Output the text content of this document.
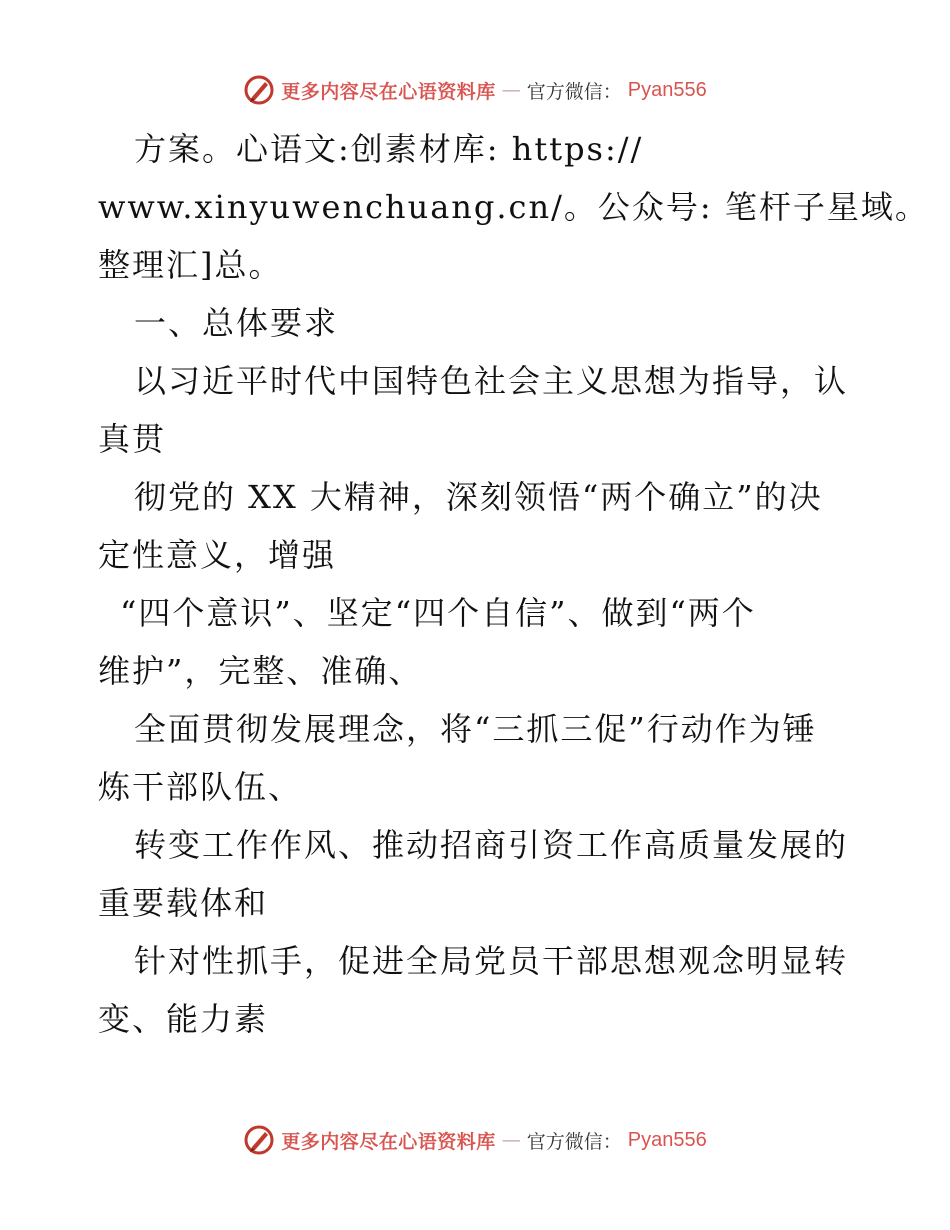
更多内容尽在心语资料库 — 官方微信： Pyan556
方案。心语文:创素材库: https://
www.xinyuwenchuang.cn/。公众号: 笔杆子星域。
整理汇]总。
一、总体要求
以习近平时代中国特色社会主义思想为指导，认
真贯
彻党的 XX 大精神，深刻领悟“两个确立”的决
定性意义，增强
“四个意识”、坚定“四个自信”、做到“两个
维护”，完整、准确、
全面贯彻发展理念，将“三抓三促”行动作为锤
炼干部队伍、
转变工作作风、推动招商引资工作高质量发展的
重要载体和
针对性抓手，促进全局党员干部思想观念明显转
变、能力素
更多内容尽在心语资料库 — 官方微信： Pyan556
